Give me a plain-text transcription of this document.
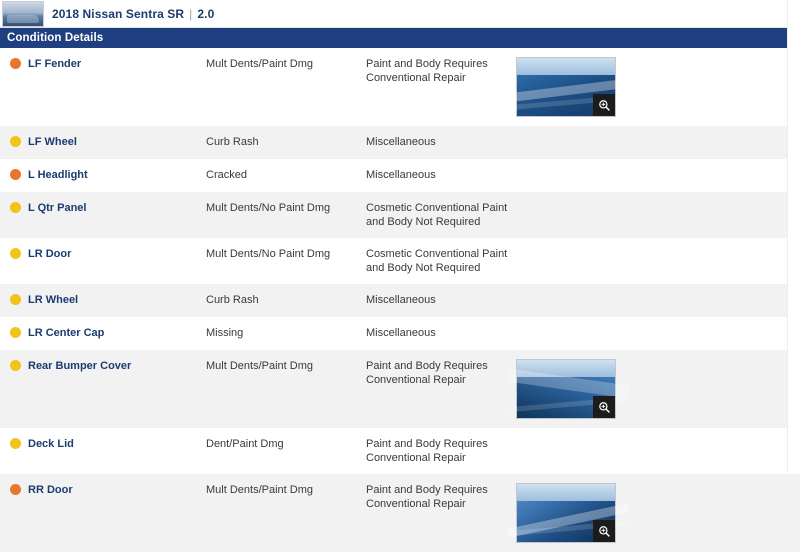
2018 Nissan Sentra SR | 2.0
Condition Details
	LF Fender	Mult Dents/Paint Dmg	Paint and Body Requires Conventional Repair	

	LF Wheel	Curb Rash	Miscellaneous	
	L Headlight	Cracked	Miscellaneous	
	L Qtr Panel	Mult Dents/No Paint Dmg	Cosmetic Conventional Paint and Body Not Required	
	LR Door	Mult Dents/No Paint Dmg	Cosmetic Conventional Paint and Body Not Required	
	LR Wheel	Curb Rash	Miscellaneous	
	LR Center Cap	Missing	Miscellaneous	
	Rear Bumper Cover	Mult Dents/Paint Dmg	Paint and Body Requires Conventional Repair	

	Deck Lid	Dent/Paint Dmg	Paint and Body Requires Conventional Repair	
	RR Door	Mult Dents/Paint Dmg	Paint and Body Requires Conventional Repair	
